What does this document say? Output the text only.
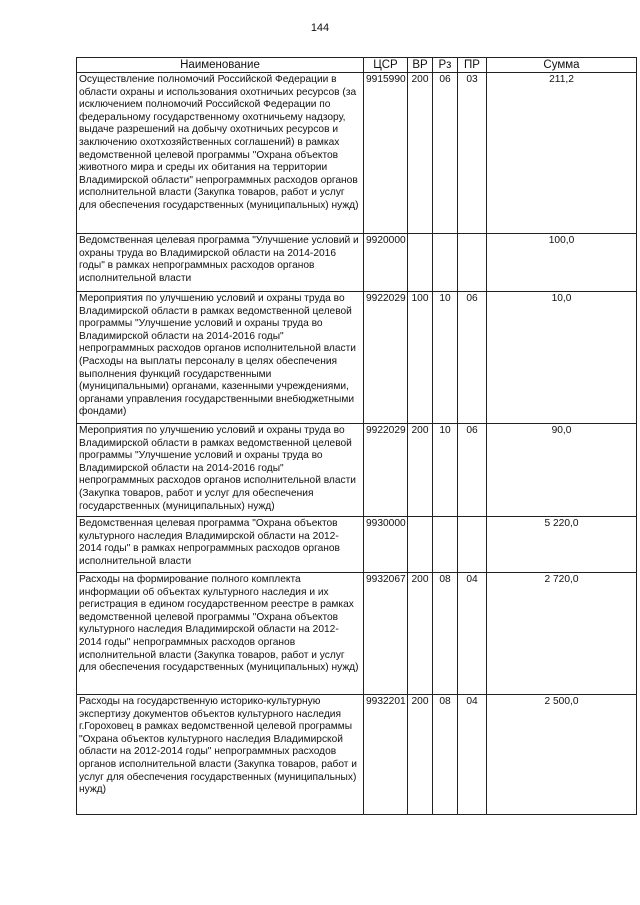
144
Наименование	ЦСР	ВР	Рз	ПР	Сумма
Осуществление полномочий Российской Федерации в области охраны и использования охотничьих ресурсов (за исключением полномочий Российской Федерации по федеральному государственному охотничьему надзору, выдаче разрешений на добычу охотничьих ресурсов и заключению охотхозяйственных соглашений) в рамках ведомственной целевой программы "Охрана объектов животного мира и среды их обитания на территории Владимирской области" непрограммных расходов органов исполнительной власти (Закупка товаров, работ и услуг для обеспечения государственных (муниципальных) нужд)	9915990	200	06	03	211,2
Ведомственная целевая программа "Улучшение условий и охраны труда во Владимирской области на 2014-2016 годы" в рамках непрограммных расходов органов исполнительной власти	9920000				100,0
Мероприятия по улучшению условий и охраны труда во Владимирской области в рамках ведомственной целевой программы "Улучшение условий и охраны труда во Владимирской области на 2014-2016 годы" непрограммных расходов органов исполнительной власти (Расходы на выплаты персоналу в целях обеспечения выполнения функций государственными (муниципальными) органами, казенными учреждениями, органами управления государственными внебюджетными фондами)	9922029	100	10	06	10,0
Мероприятия по улучшению условий и охраны труда во Владимирской области в рамках ведомственной целевой программы "Улучшение условий и охраны труда во Владимирской области на 2014-2016 годы" непрограммных расходов органов исполнительной власти (Закупка товаров, работ и услуг для обеспечения государственных (муниципальных) нужд)	9922029	200	10	06	90,0
Ведомственная целевая программа "Охрана объектов культурного наследия Владимирской области на 2012-2014 годы" в рамках непрограммных расходов органов исполнительной власти	9930000				5 220,0
Расходы на формирование полного комплекта информации об объектах культурного наследия и их регистрация в едином государственном реестре в рамках ведомственной целевой программы "Охрана объектов культурного наследия Владимирской области на 2012-2014 годы" непрограммных расходов органов исполнительной власти (Закупка товаров, работ и услуг для обеспечения государственных (муниципальных) нужд)	9932067	200	08	04	2 720,0
Расходы на государственную историко-культурную экспертизу документов объектов культурного наследия г.Гороховец в рамках ведомственной целевой программы "Охрана объектов культурного наследия Владимирской области на 2012-2014 годы" непрограммных расходов органов исполнительной власти (Закупка товаров, работ и услуг для обеспечения государственных (муниципальных) нужд)	9932201	200	08	04	2 500,0
